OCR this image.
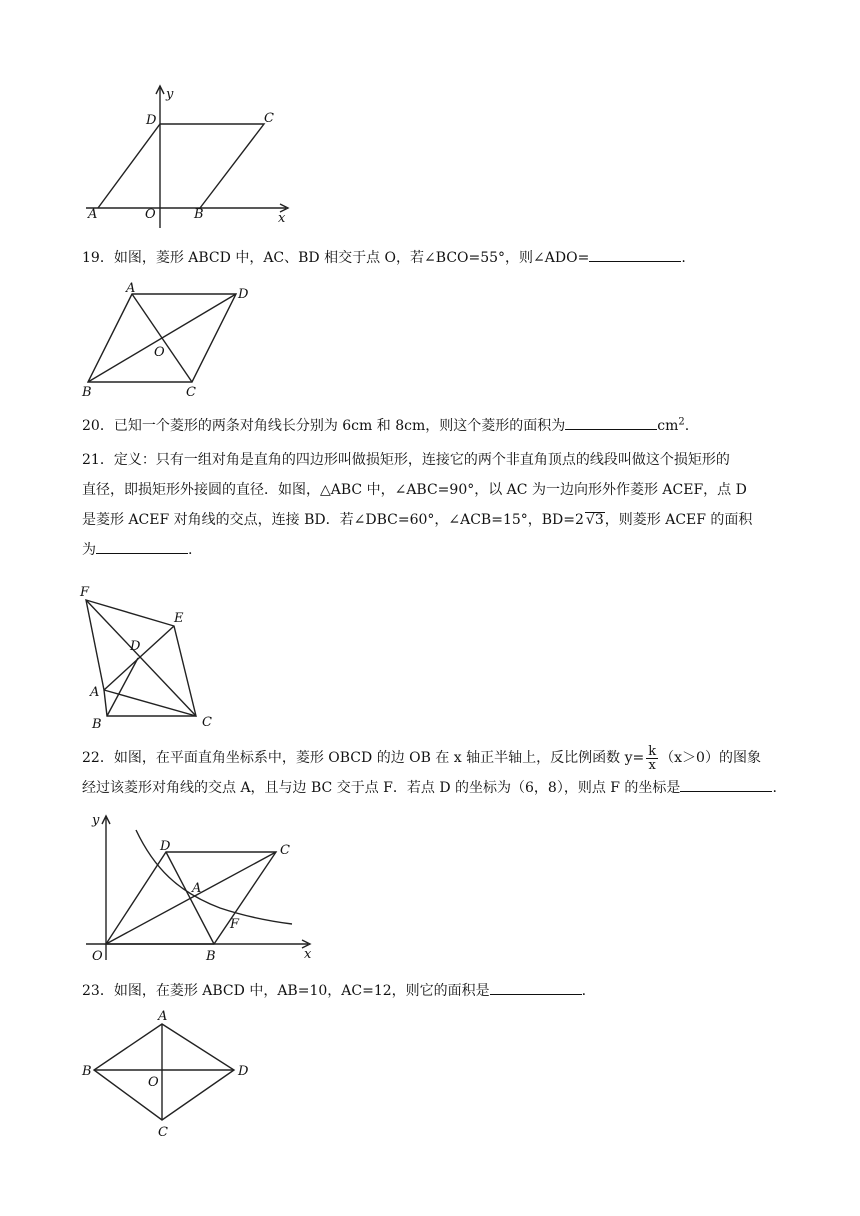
y
x
A	O	B
D	C

19．如图，菱形 ABCD 中，AC、BD 相交于点 O，若∠BCO=55°，则∠ADO=	.

A	D
O
B	C

20．已知一个菱形的两条对角线长分别为 6cm 和 8cm，则这个菱形的面积为	$cm^2$.

21．定义：只有一组对角是直角的四边形叫做损矩形，连接它的两个非直角顶点的线段叫做这个损矩形的
直径，即损矩形外接圆的直径．如图，△ABC 中，∠ABC=90°，以 AC 为一边向形外作菱形 ACEF，点 D
是菱形 ACEF 对角线的交点，连接 BD．若∠DBC=60°，∠ACB=15°，BD=2 √3，则菱形 ACEF 的面积
为	.

F
E
D
A
B	C

22．如图，在平面直角坐标系中，菱形 OBCD 的边 OB 在 x 轴正半轴上，反比例函数 $y= \frac{k}{x} (x>0)$的图象
经过该菱形对角线的交点 A，且与边 BC 交于点 F．若点 D 的坐标为（6，8），则点 F 的坐标是	.

y
x
D	C
A
F
O	B

23．如图，在菱形 ABCD 中，AB=10，AC=12，则它的面积是	.

A
B
O
D
C
